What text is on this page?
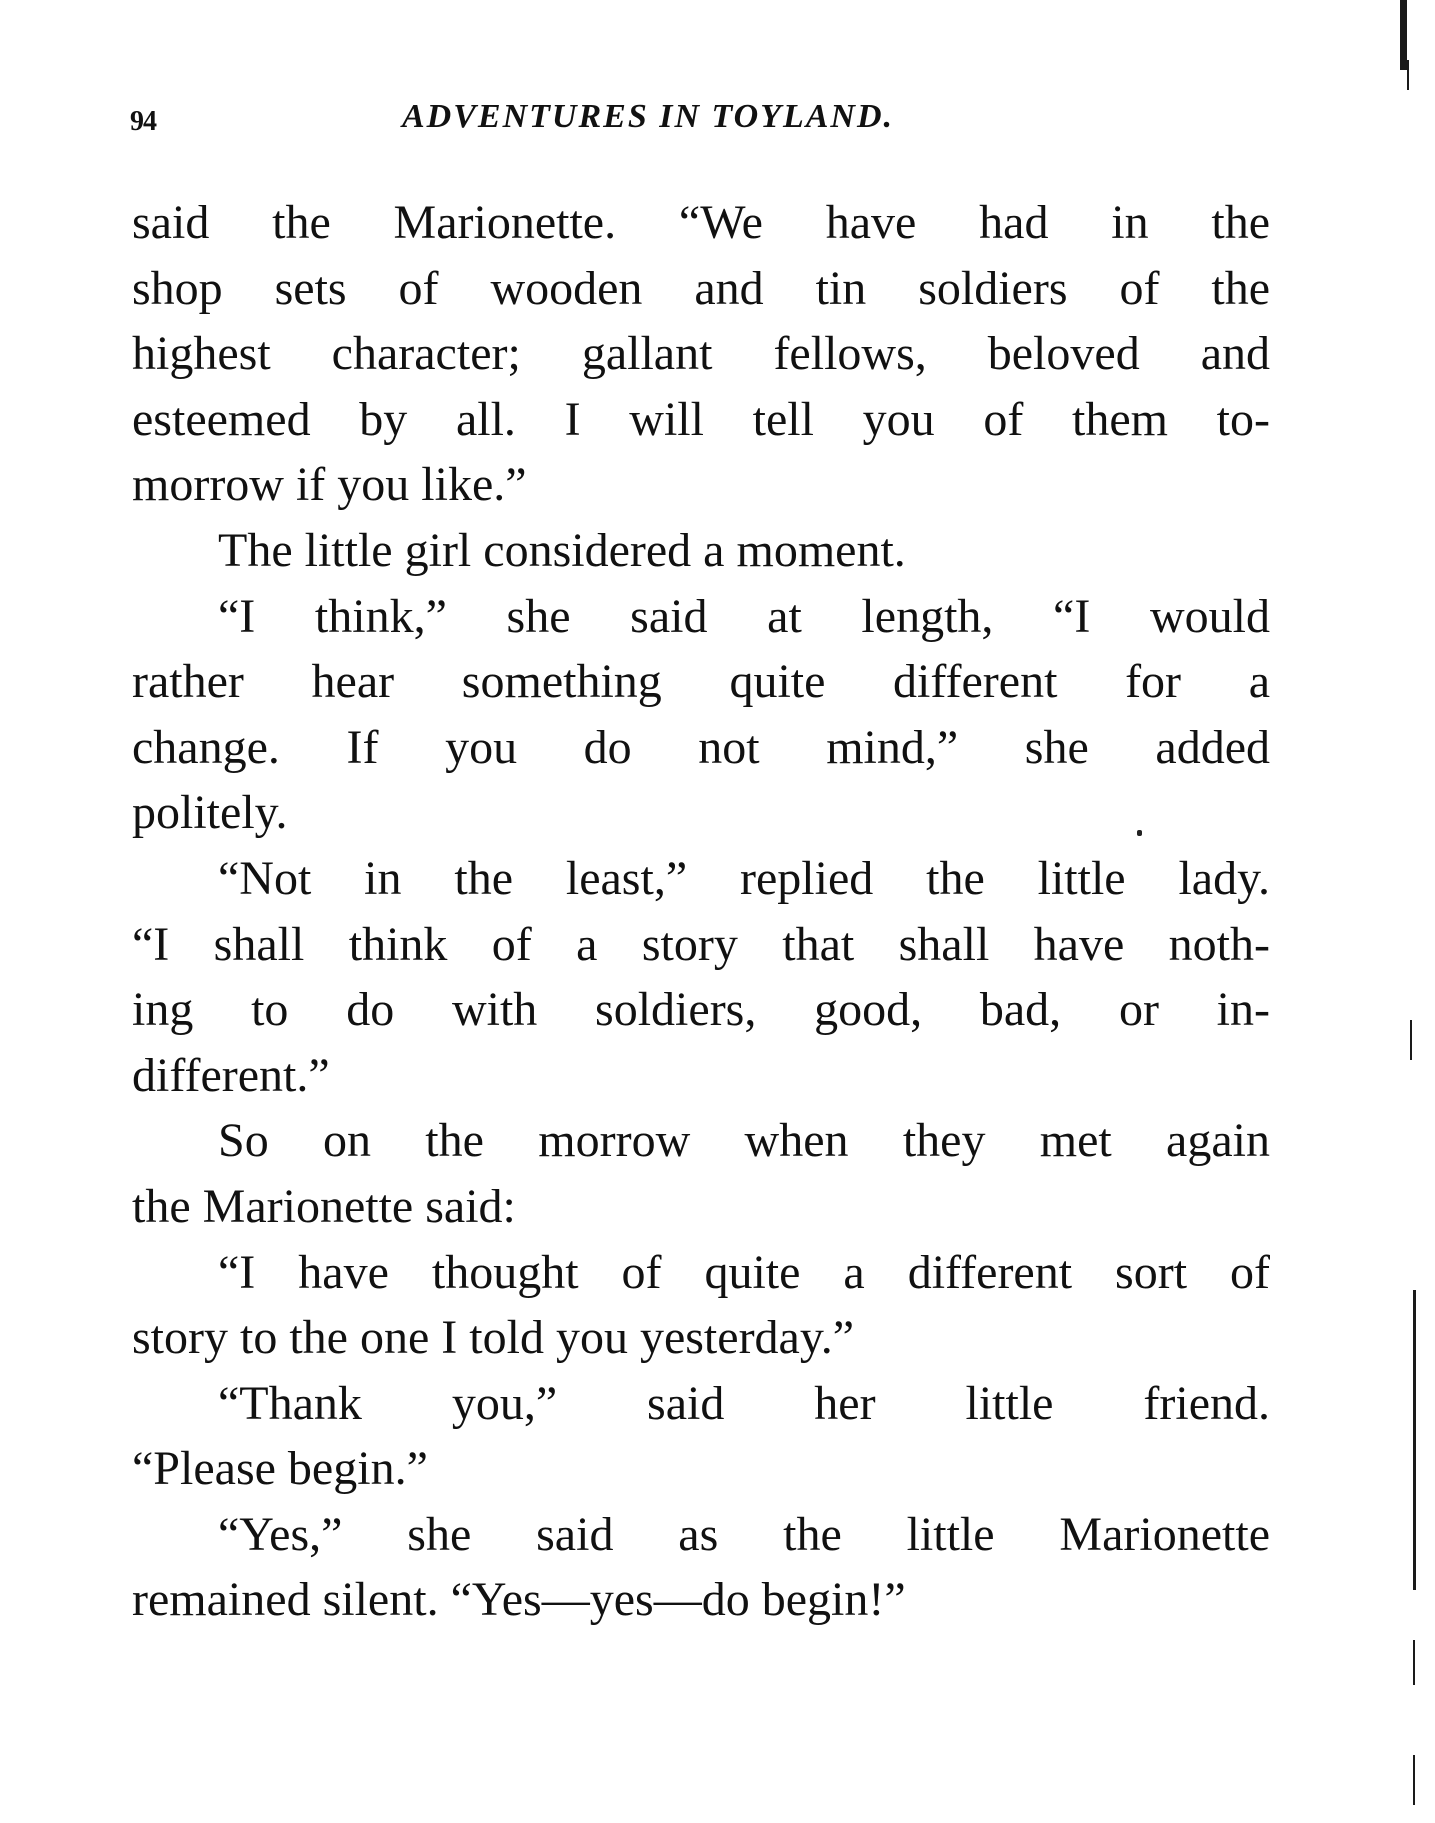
94	ADVENTURES IN TOYLAND.
said the Marionette. “We have had in the
shop sets of wooden and tin soldiers of the
highest character; gallant fellows, beloved and
esteemed by all. I will tell you of them to-
morrow if you like.”
The little girl considered a moment.
“I think,” she said at length, “I would
rather hear something quite different for a
change. If you do not mind,” she added
politely.
“Not in the least,” replied the little lady.
“I shall think of a story that shall have noth-
ing to do with soldiers, good, bad, or in-
different.”
So on the morrow when they met again
the Marionette said:
“I have thought of quite a different sort of
story to the one I told you yesterday.”
“Thank you,” said her little friend.
“Please begin.”
“Yes,” she said as the little Marionette
remained silent. “Yes—yes—do begin!”
